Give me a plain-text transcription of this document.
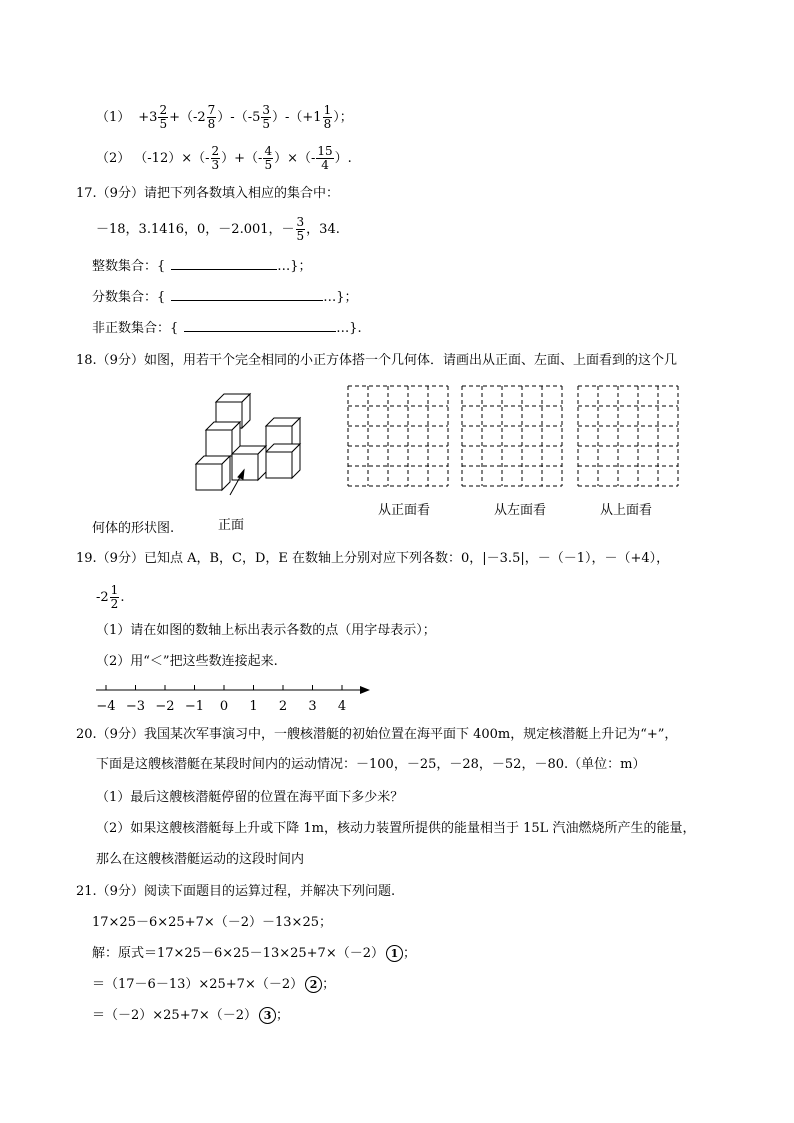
$(1) +3 \frac{2}{5} +(-2 \frac{7}{8} )-(-5 \frac{3}{5} )-(+1 \frac{1}{8}$ ）；
（2） $(-12)\times(- \frac{2}{3}$ ）+（- $\frac{4}{5}$ ）×（- $\frac{15}{4}$ ）.
17.（9分）请把下列各数填入相应的集合中：
－18，3.1416，0，－2.001，－ $\frac{3}{5}$ ，34.
整数集合：{	…}；
分数集合：{	…}；
非正数集合：{	…}.
18.（9分）如图，用若干个完全相同的小正方体搭一个几何体．请画出从正面、左面、上面看到的这个几
正面
从正面看	从左面看	从上面看
何体的形状图.
19.（9分）已知点 A，B，C，D，E 在数轴上分别对应下列各数：0，|－3.5|，－（－1），－（+4），
$-2 \frac{1}{2}$ .
（1）请在如图的数轴上标出表示各数的点（用字母表示）；
（2）用“＜”把这些数连接起来.
−4 −3 −2 −1 0 1 2 3 4
20.（9分）我国某次军事演习中，一艘核潜艇的初始位置在海平面下 400m，规定核潜艇上升记为“+”，
下面是这艘核潜艇在某段时间内的运动情况：－100，－25，－28，－52，－80.（单位：m）
（1）最后这艘核潜艇停留的位置在海平面下多少米？
（2）如果这艘核潜艇每上升或下降 1m，核动力装置所提供的能量相当于 15L 汽油燃烧所产生的能量，
那么在这艘核潜艇运动的这段时间内
21.（9分）阅读下面题目的运算过程，并解决下列问题.
17×25－6×25+7×（－2）－13×25；
解：原式＝17×25－6×25－13×25+7×（－2） 1 ；
＝（17－6－13）×25+7×（－2） 2 ；
＝（－2）×25+7×（－2） 3 ；
